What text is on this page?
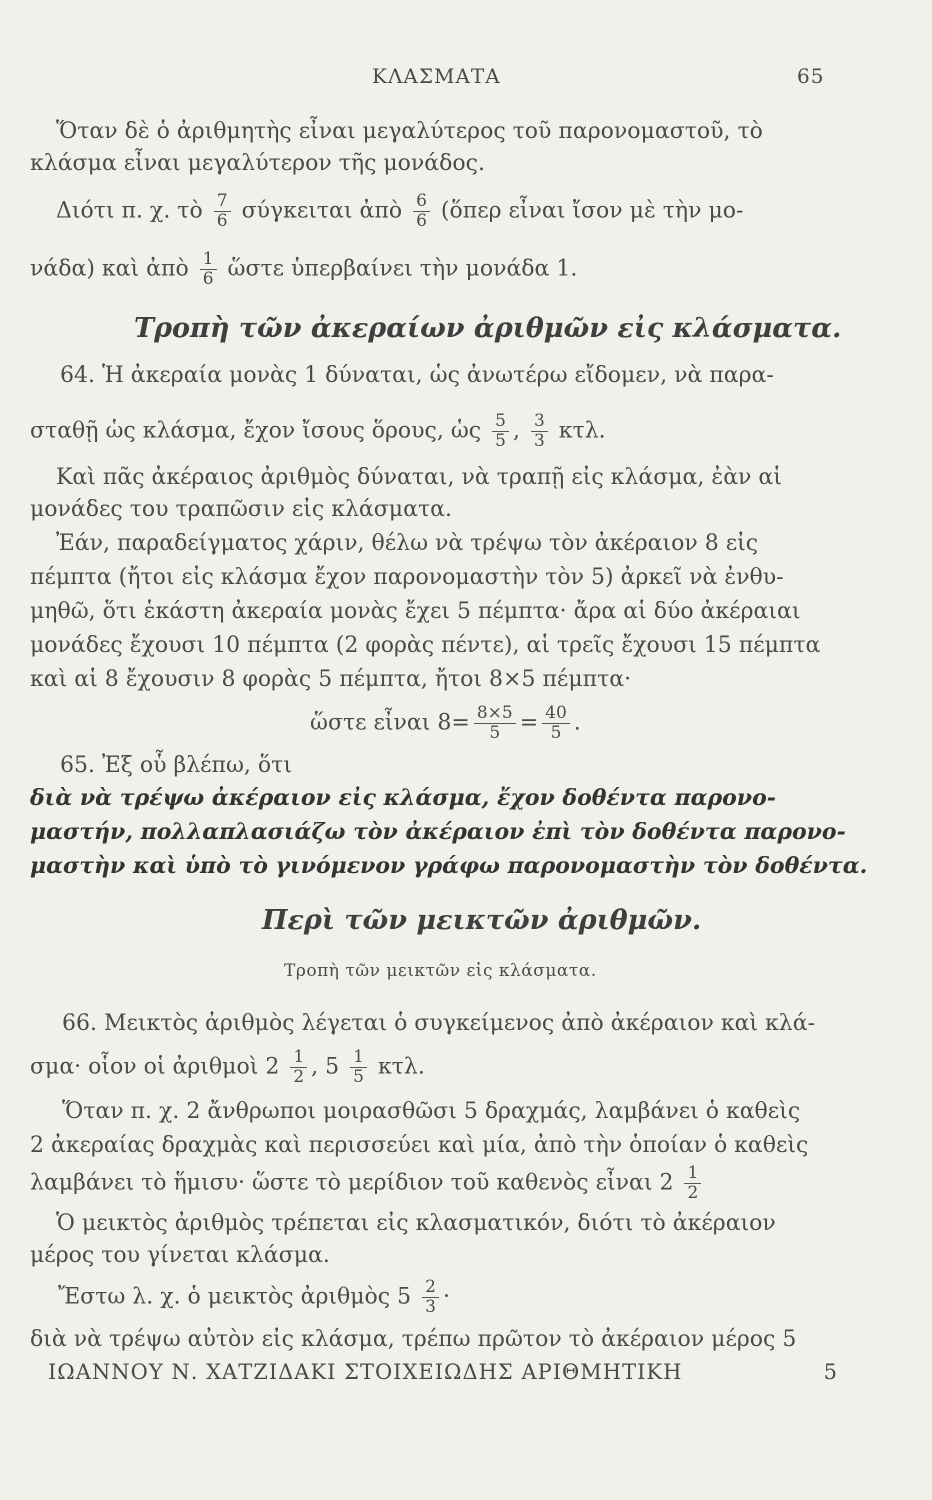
ΚΛΑΣΜΑΤΑ	65
Ὅταν δὲ ὁ ἀριθμητὴς εἶναι μεγαλύτερος τοῦ παρονομαστοῦ, τὸ
κλάσμα εἶναι μεγαλύτερον τῆς μονάδος.
Διότι π. χ. τὸ $\frac{7}{6}$ σύγκειται ἀπὸ $\frac{6}{6}$ (ὅπερ εἶναι ἴσον μὲ τὴν μο-
νάδα) καὶ ἀπὸ $\frac{1}{6}$ ὥστε ὑπερβαίνει τὴν μονάδα 1.
Τροπὴ τῶν ἀκεραίων ἀριθμῶν εἰς κλάσματα.
64. Ἡ ἀκεραία μονὰς 1 δύναται, ὡς ἀνωτέρω εἴδομεν, νὰ παρα-
σταθῇ ὡς κλάσμα, ἔχον ἴσους ὅρους, ὡς $\frac{5}{5}$ , $\frac{3}{3} \kappa\tau\lambda$.
Καὶ πᾶς ἀκέραιος ἀριθμὸς δύναται, νὰ τραπῇ εἰς κλάσμα, ἐὰν αἱ
μονάδες του τραπῶσιν εἰς κλάσματα.
Ἐάν, παραδείγματος χάριν, θέλω νὰ τρέψω τὸν ἀκέραιον 8 εἰς
πέμπτα (ἤτοι εἰς κλάσμα ἔχον παρονομαστὴν τὸν 5) ἀρκεῖ νὰ ἐνθυ-
μηθῶ, ὅτι ἑκάστη ἀκεραία μονὰς ἔχει 5 πέμπτα· ἄρα αἱ δύο ἀκέραιαι
μονάδες ἔχουσι 10 πέμπτα (2 φορὰς πέντε), αἱ τρεῖς ἔχουσι 15 πέμπτα
καὶ αἱ 8 ἔχουσιν 8 φορὰς 5 πέμπτα, ἤτοι 8×5 πέμπτα·
ὥστε εἶναι $8= \frac{8\times 5}{5} = \frac{40}{5}$ .
65. Ἐξ οὗ βλέπω, ὅτι
διὰ νὰ τρέψω ἀκέραιον εἰς κλάσμα, ἔχον δοθέντα παρονο-
μαστήν, πολλαπλασιάζω τὸν ἀκέραιον ἐπὶ τὸν δοθέντα παρονο-
μαστὴν καὶ ὑπὸ τὸ γινόμενον γράφω παρονομαστὴν τὸν δοθέντα.
Περὶ τῶν μεικτῶν ἀριθμῶν.
Τροπὴ τῶν μεικτῶν εἰς κλάσματα.
66. Μεικτὸς ἀριθμὸς λέγεται ὁ συγκείμενος ἀπὸ ἀκέραιον καὶ κλά-
σμα· οἷον οἱ ἀριθμοὶ $2 \frac{1}{2}$ , $5 \frac{1}{5} \kappa\tau\lambda$.
Ὅταν π. χ. 2 ἄνθρωποι μοιρασθῶσι 5 δραχμάς, λαμβάνει ὁ καθεὶς
2 ἀκεραίας δραχμὰς καὶ περισσεύει καὶ μία, ἀπὸ τὴν ὁποίαν ὁ καθεὶς
λαμβάνει τὸ ἥμισυ· ὥστε τὸ μερίδιον τοῦ καθενὸς εἶναι $2 \frac{1}{2}$
Ὁ μεικτὸς ἀριθμὸς τρέπεται εἰς κλασματικόν, διότι τὸ ἀκέραιον
μέρος του γίνεται κλάσμα.
Ἔστω λ. χ. ὁ μεικτὸς ἀριθμὸς $5 \frac{2}{3}$ ·
διὰ νὰ τρέψω αὐτὸν εἰς κλάσμα, τρέπω πρῶτον τὸ ἀκέραιον μέρος 5
ΙΩΑΝΝΟΥ Ν. ΧΑΤΖΙΔΑΚΙ ΣΤΟΙΧΕΙΩΔΗΣ ΑΡΙΘΜΗΤΙΚΗ	5
